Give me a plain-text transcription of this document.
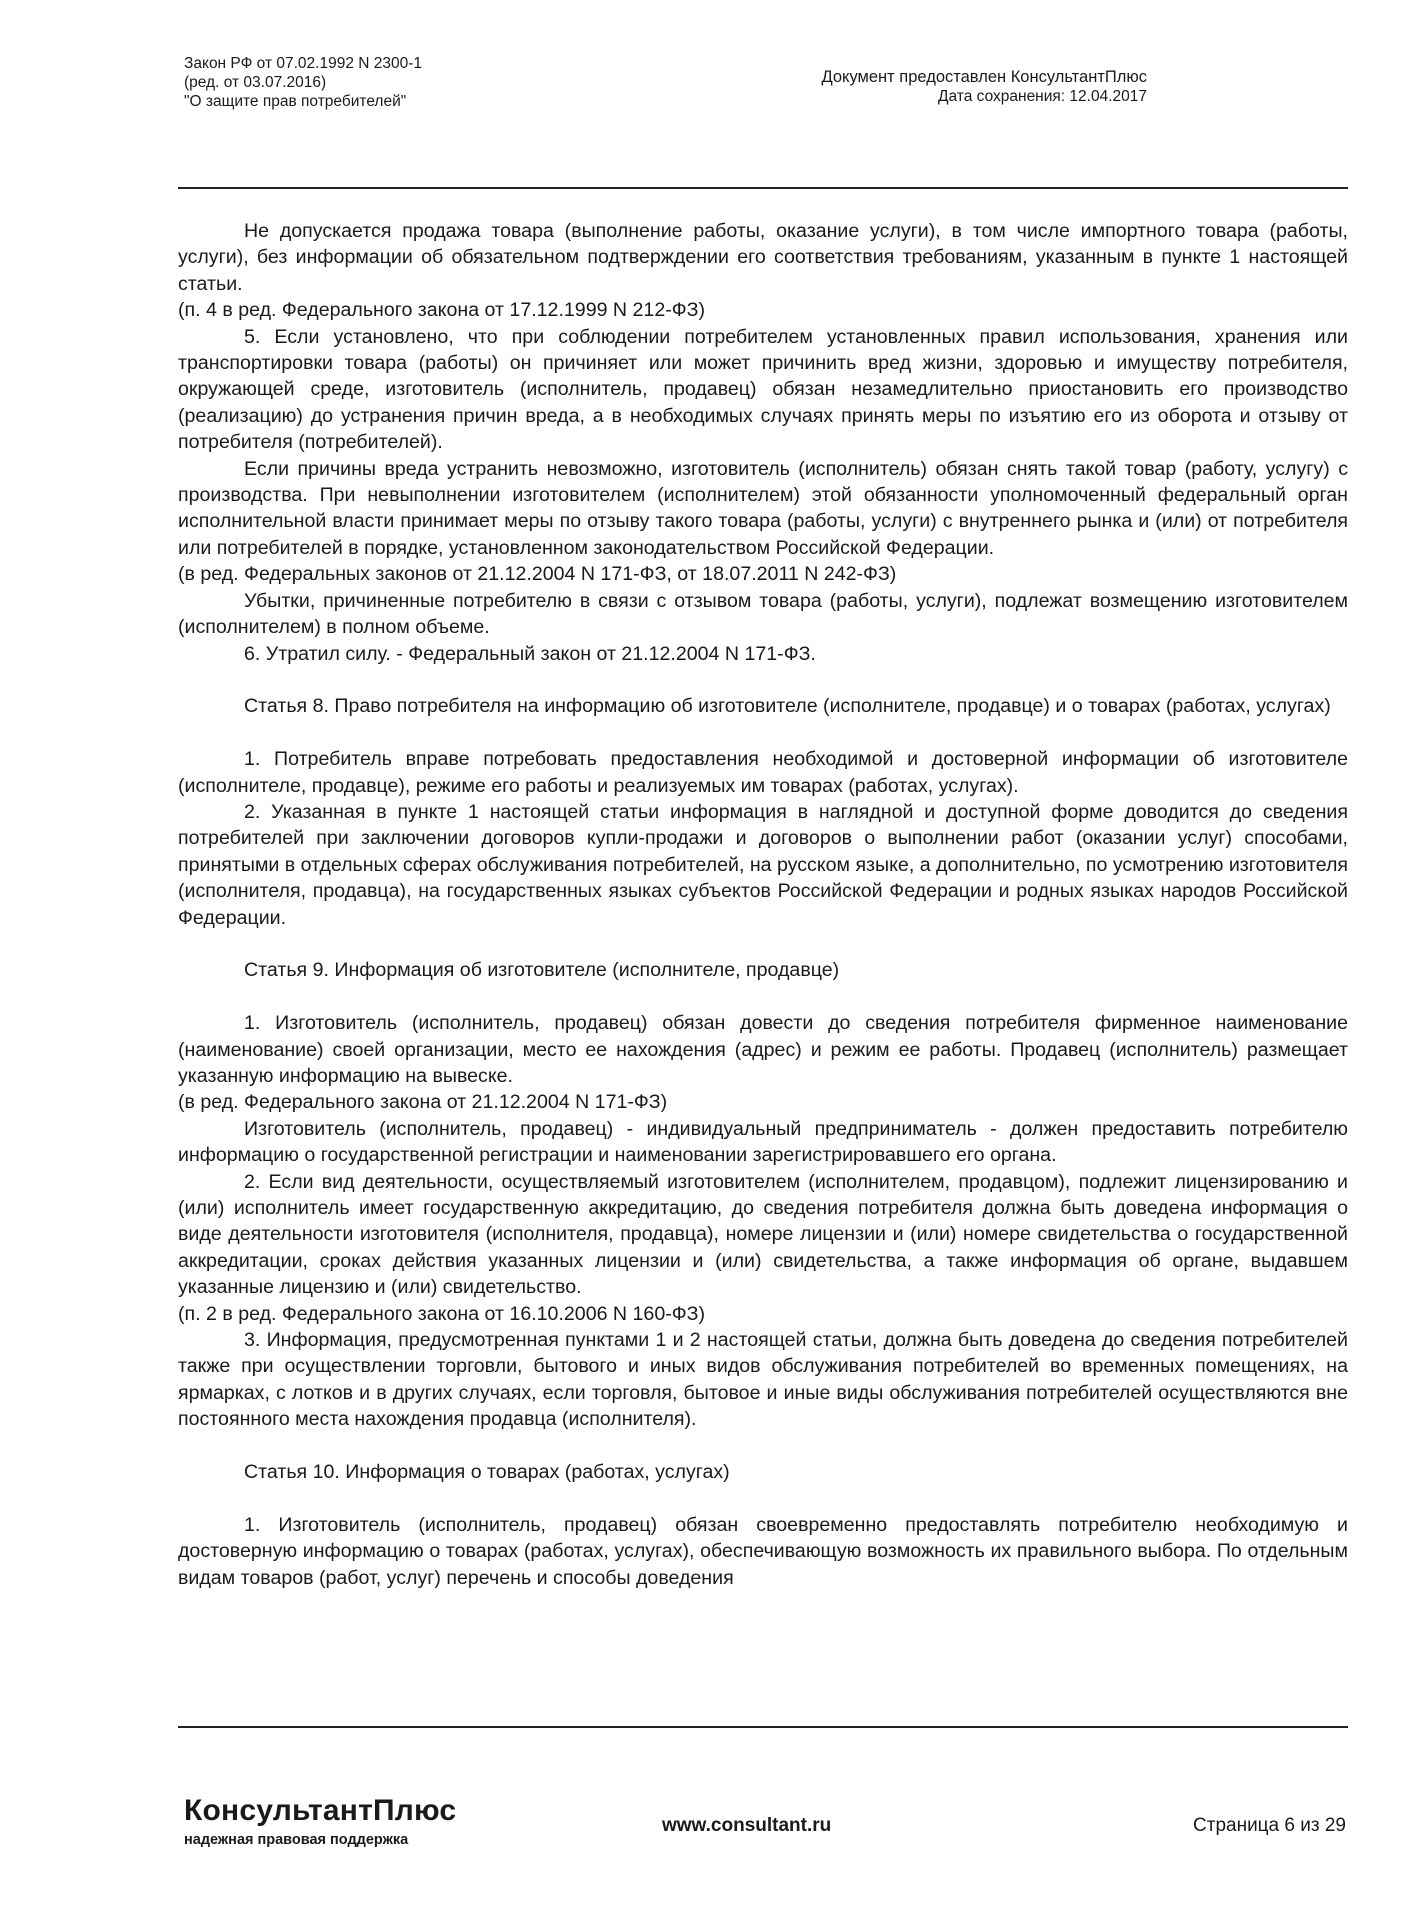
Закон РФ от 07.02.1992 N 2300-1
(ред. от 03.07.2016)
"О защите прав потребителей"
Документ предоставлен КонсультантПлюс
Дата сохранения: 12.04.2017

Не допускается продажа товара (выполнение работы, оказание услуги), в том числе импортного товара (работы, услуги), без информации об обязательном подтверждении его соответствия требованиям, указанным в пункте 1 настоящей статьи.

(п. 4 в ред. Федерального закона от 17.12.1999 N 212-ФЗ)

5. Если установлено, что при соблюдении потребителем установленных правил использования, хранения или транспортировки товара (работы) он причиняет или может причинить вред жизни, здоровью и имуществу потребителя, окружающей среде, изготовитель (исполнитель, продавец) обязан незамедлительно приостановить его производство (реализацию) до устранения причин вреда, а в необходимых случаях принять меры по изъятию его из оборота и отзыву от потребителя (потребителей).

Если причины вреда устранить невозможно, изготовитель (исполнитель) обязан снять такой товар (работу, услугу) с производства. При невыполнении изготовителем (исполнителем) этой обязанности уполномоченный федеральный орган исполнительной власти принимает меры по отзыву такого товара (работы, услуги) с внутреннего рынка и (или) от потребителя или потребителей в порядке, установленном законодательством Российской Федерации.

(в ред. Федеральных законов от 21.12.2004 N 171-ФЗ, от 18.07.2011 N 242-ФЗ)

Убытки, причиненные потребителю в связи с отзывом товара (работы, услуги), подлежат возмещению изготовителем (исполнителем) в полном объеме.

6. Утратил силу. - Федеральный закон от 21.12.2004 N 171-ФЗ.

Статья 8. Право потребителя на информацию об изготовителе (исполнителе, продавце) и о товарах (работах, услугах)

1. Потребитель вправе потребовать предоставления необходимой и достоверной информации об изготовителе (исполнителе, продавце), режиме его работы и реализуемых им товарах (работах, услугах).

2. Указанная в пункте 1 настоящей статьи информация в наглядной и доступной форме доводится до сведения потребителей при заключении договоров купли-продажи и договоров о выполнении работ (оказании услуг) способами, принятыми в отдельных сферах обслуживания потребителей, на русском языке, а дополнительно, по усмотрению изготовителя (исполнителя, продавца), на государственных языках субъектов Российской Федерации и родных языках народов Российской Федерации.

Статья 9. Информация об изготовителе (исполнителе, продавце)

1. Изготовитель (исполнитель, продавец) обязан довести до сведения потребителя фирменное наименование (наименование) своей организации, место ее нахождения (адрес) и режим ее работы. Продавец (исполнитель) размещает указанную информацию на вывеске.

(в ред. Федерального закона от 21.12.2004 N 171-ФЗ)

Изготовитель (исполнитель, продавец) - индивидуальный предприниматель - должен предоставить потребителю информацию о государственной регистрации и наименовании зарегистрировавшего его органа.

2. Если вид деятельности, осуществляемый изготовителем (исполнителем, продавцом), подлежит лицензированию и (или) исполнитель имеет государственную аккредитацию, до сведения потребителя должна быть доведена информация о виде деятельности изготовителя (исполнителя, продавца), номере лицензии и (или) номере свидетельства о государственной аккредитации, сроках действия указанных лицензии и (или) свидетельства, а также информация об органе, выдавшем указанные лицензию и (или) свидетельство.

(п. 2 в ред. Федерального закона от 16.10.2006 N 160-ФЗ)

3. Информация, предусмотренная пунктами 1 и 2 настоящей статьи, должна быть доведена до сведения потребителей также при осуществлении торговли, бытового и иных видов обслуживания потребителей во временных помещениях, на ярмарках, с лотков и в других случаях, если торговля, бытовое и иные виды обслуживания потребителей осуществляются вне постоянного места нахождения продавца (исполнителя).

Статья 10. Информация о товарах (работах, услугах)

1. Изготовитель (исполнитель, продавец) обязан своевременно предоставлять потребителю необходимую и достоверную информацию о товарах (работах, услугах), обеспечивающую возможность их правильного выбора. По отдельным видам товаров (работ, услуг) перечень и способы доведения

КонсультантПлюс
надежная правовая поддержка
www.consultant.ru	Страница 6 из 29
